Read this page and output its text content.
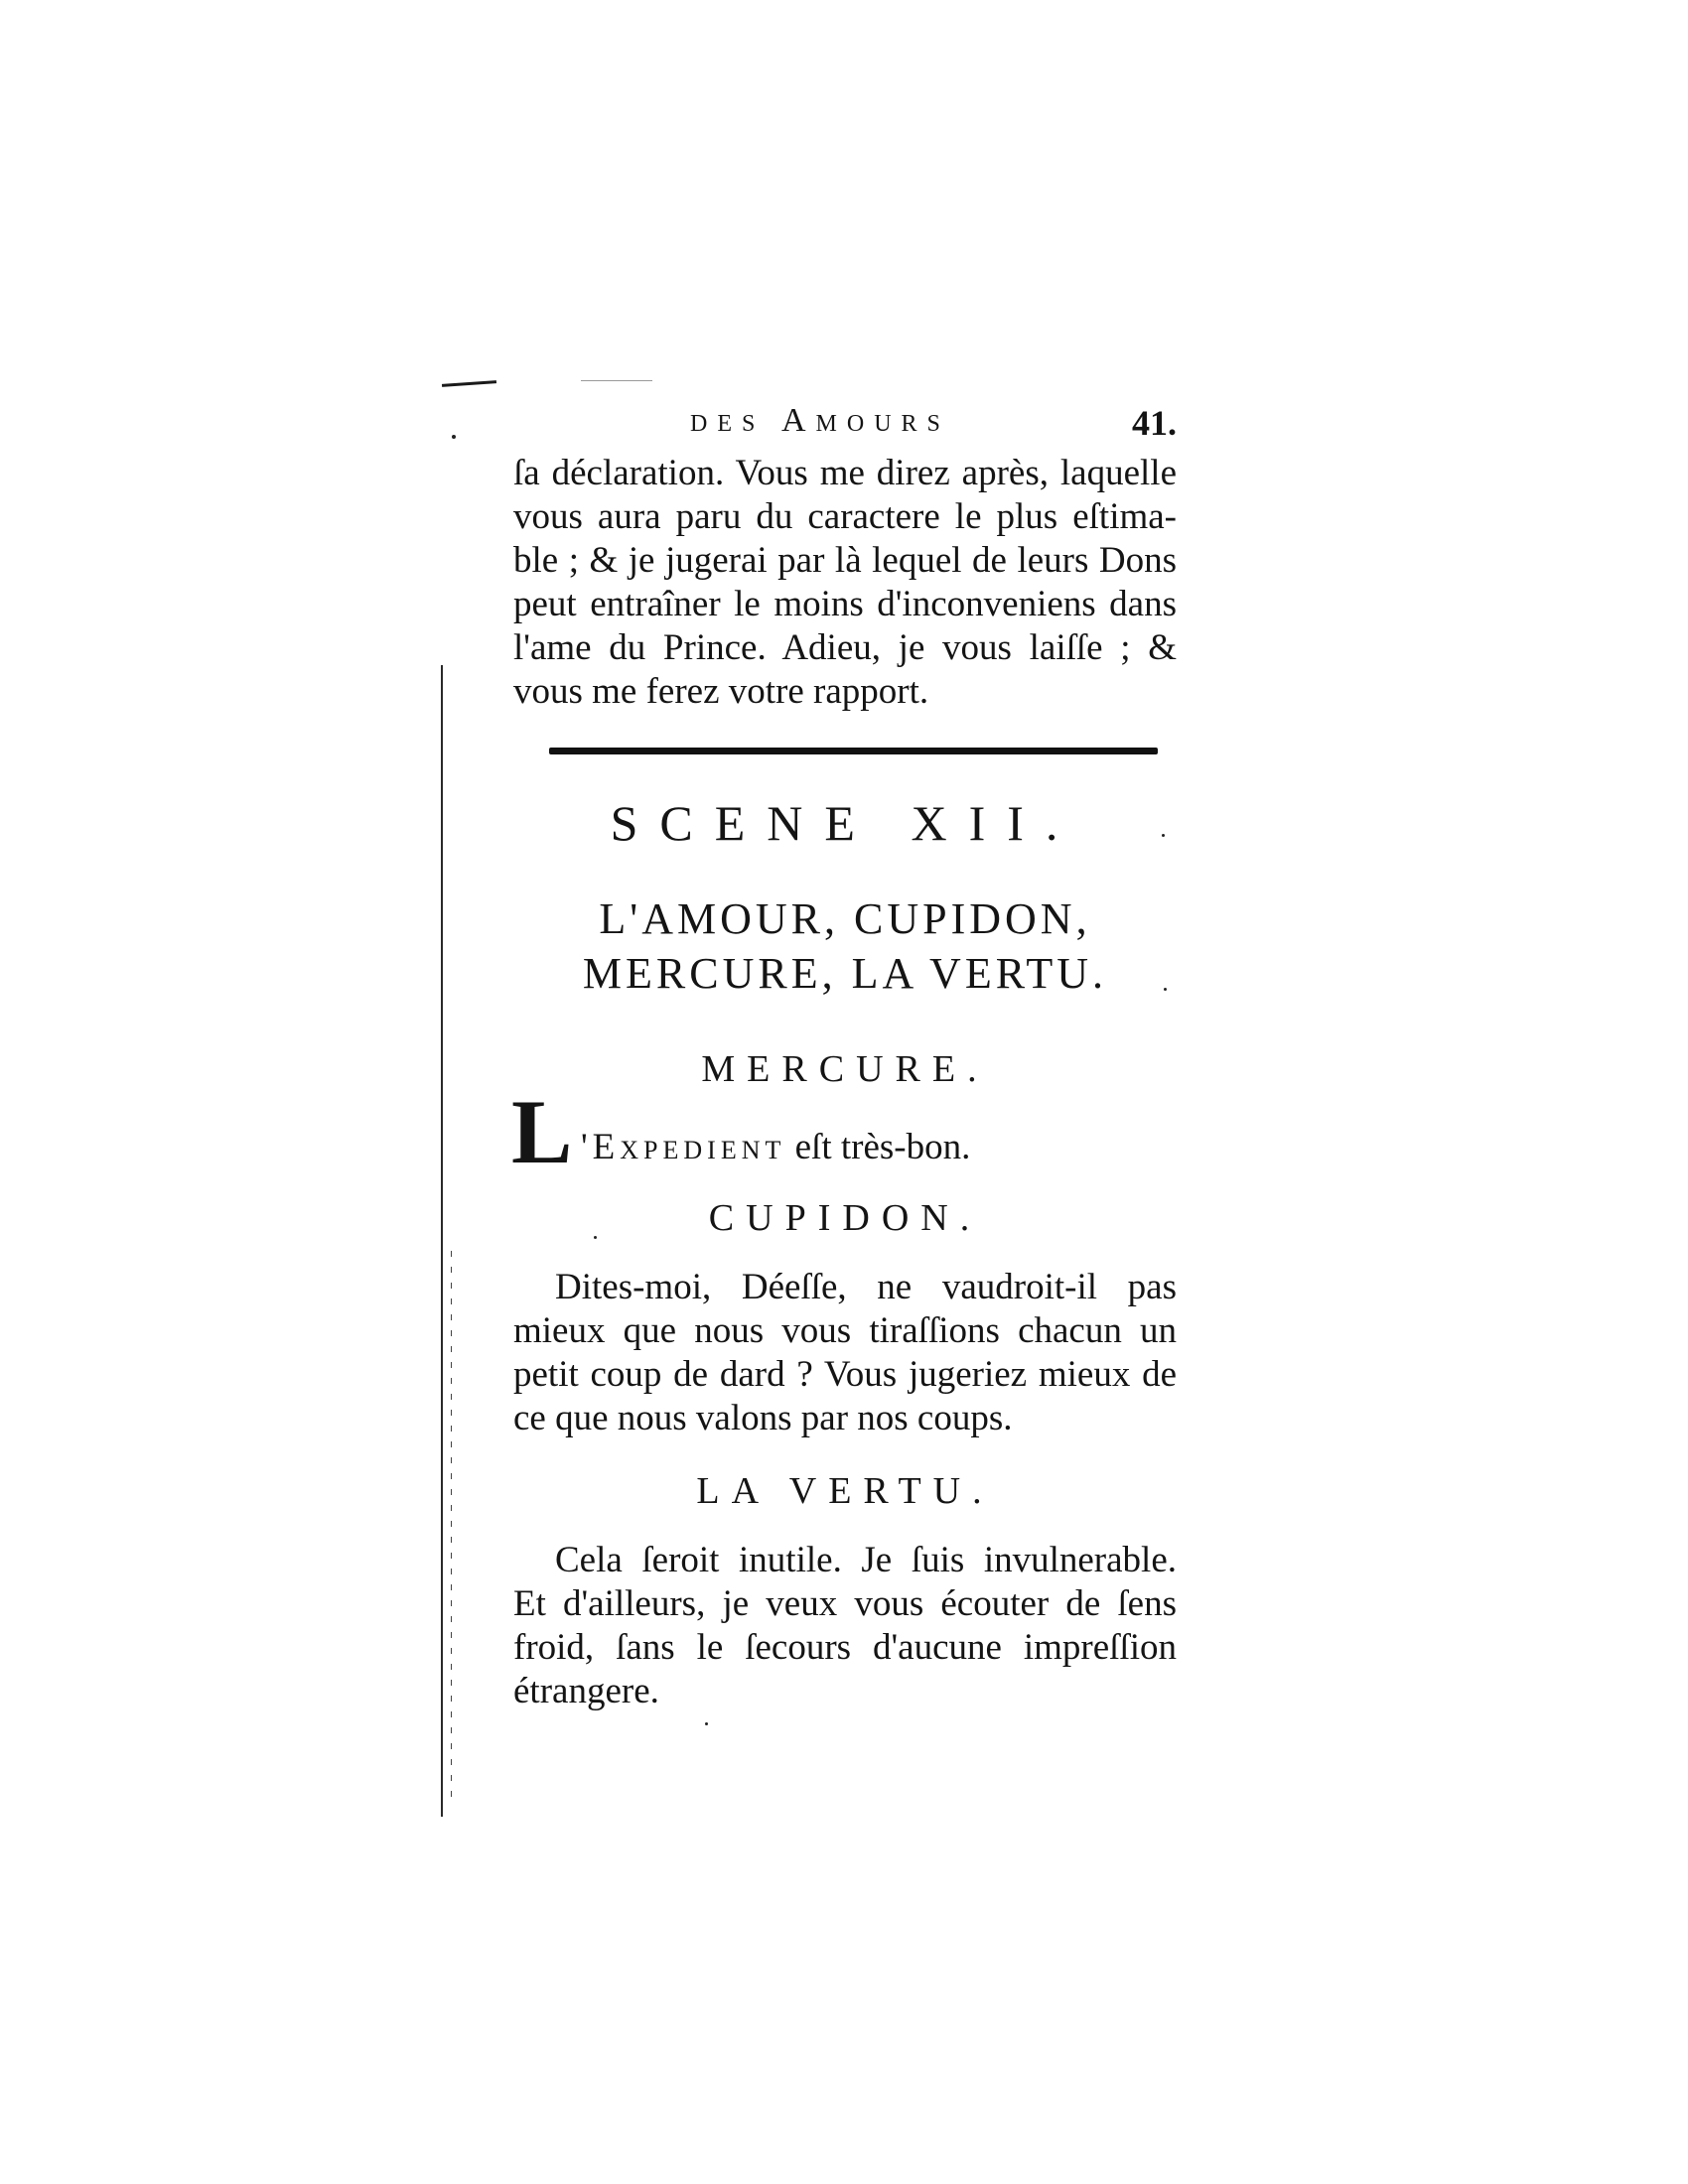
des Amours	41.
ſa déclaration. Vous me direz après, laquelle
vous aura paru du caractere le plus eſtima-
ble ; & je jugerai par là lequel de leurs Dons
peut entraîner le moins d'inconveniens dans
l'ame du Prince. Adieu, je vous laiſſe ; &
vous me ferez votre rapport.
SCENE XII.
L'AMOUR, CUPIDON,
MERCURE, LA VERTU.
MERCURE.
L 'Expedient eſt très-bon.
CUPIDON.
Dites-moi, Déeſſe, ne vaudroit-il pas
mieux que nous vous tiraſſions chacun un
petit coup de dard ? Vous jugeriez mieux de
ce que nous valons par nos coups.
LA VERTU.
Cela ſeroit inutile. Je ſuis invulnerable.
Et d'ailleurs, je veux vous écouter de ſens
froid, ſans le ſecours d'aucune impreſſion
étrangere.
